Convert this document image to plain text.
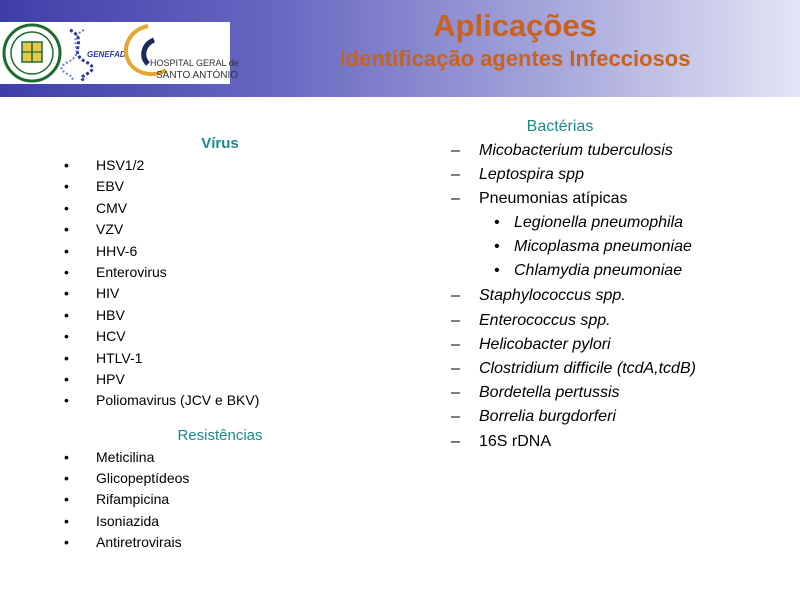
GENEFADI
HOSPITAL GERAL de
SANTO ANTÓNIO
Aplicações
Identificação agentes Infecciosos
Vírus
• HSV1/2
• EBV
• CMV
• VZV
• HHV-6
• Enterovirus
• HIV
• HBV
• HCV
• HTLV-1
• HPV
• Poliomavirus (JCV e BKV)
Resistências
• Meticilina
• Glicopeptídeos
• Rifampicina
• Isoniazida
• Antiretrovirais
Bactérias
– Micobacterium tuberculosis
– Leptospira spp
– Pneumonias atípicas
• Legionella pneumophila
• Micoplasma pneumoniae
• Chlamydia pneumoniae
– Staphylococcus spp.
– Enterococcus spp.
– Helicobacter pylori
– Clostridium difficile (tcdA,tcdB)
– Bordetella pertussis
– Borrelia burgdorferi
– 16S rDNA
